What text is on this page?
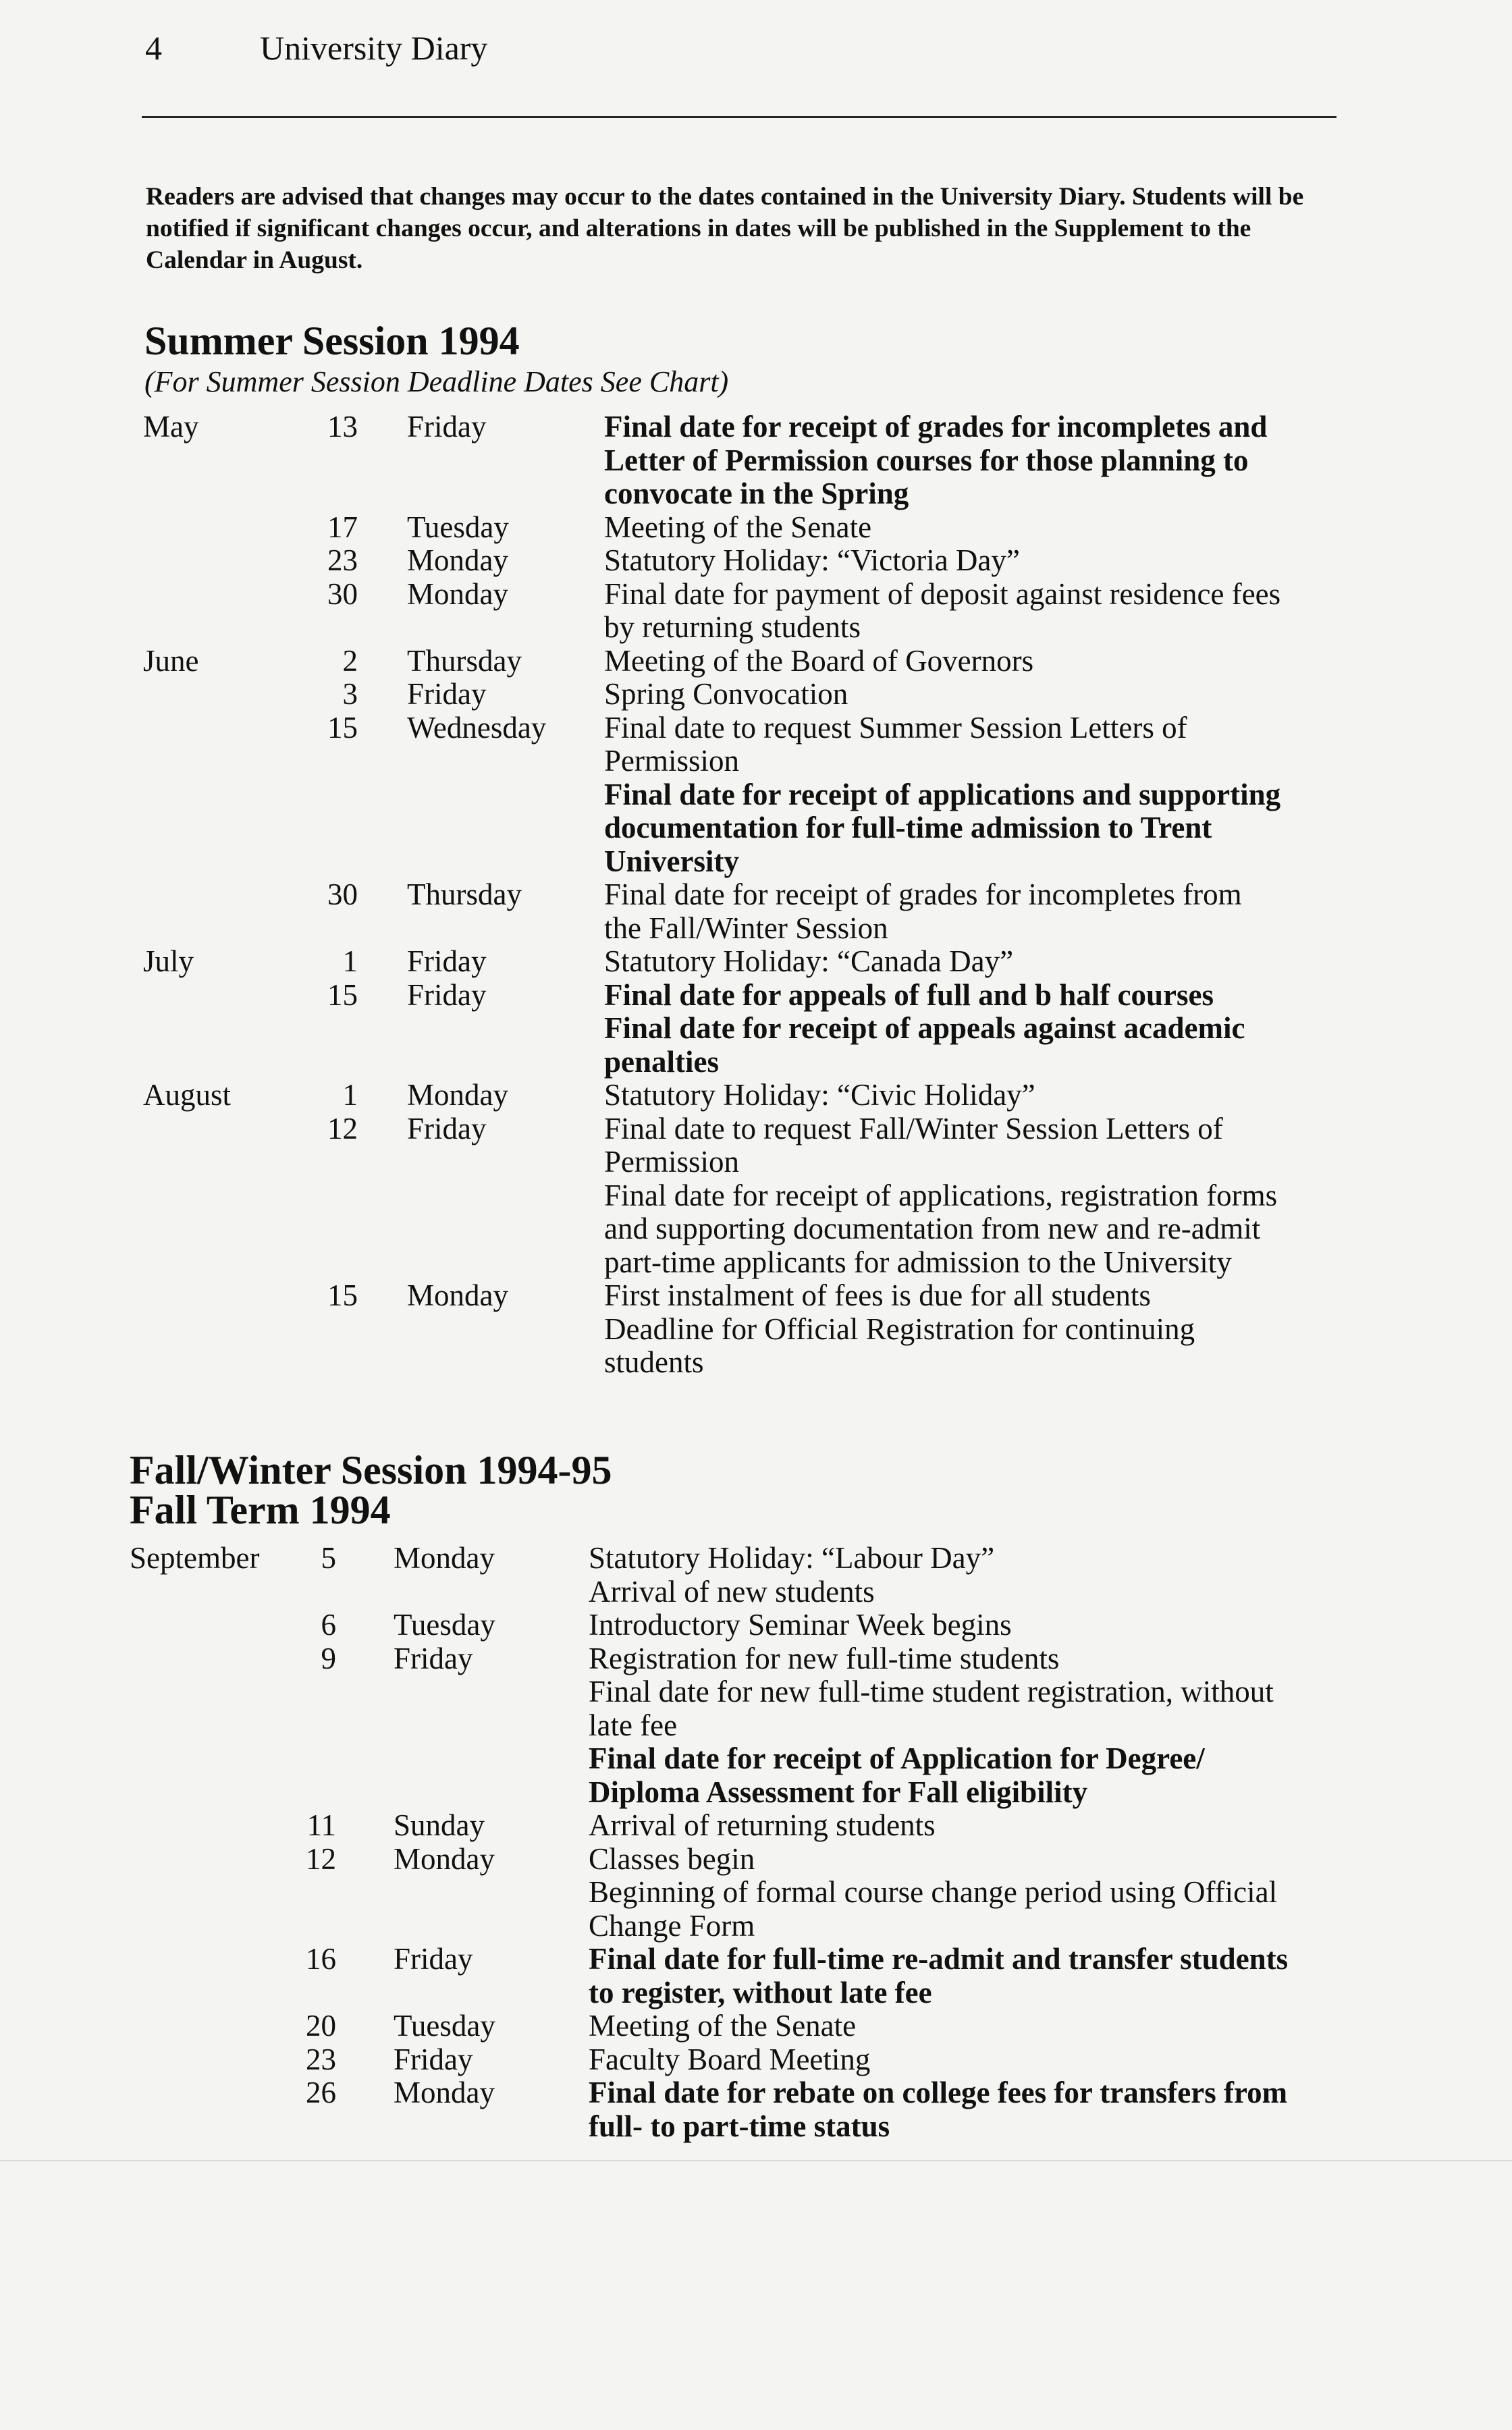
4	University Diary
Readers are advised that changes may occur to the dates contained in the University Diary. Students will be notified if significant changes occur, and alterations in dates will be published in the Supplement to the Calendar in August.
Summer Session 1994
(For Summer Session Deadline Dates See Chart)
May	13 Friday	Final date for receipt of grades for incompletes and Letter of Permission courses for those planning to convocate in the Spring
17 Tuesday	Meeting of the Senate
23 Monday	Statutory Holiday: “Victoria Day”
30 Monday	Final date for payment of deposit against residence fees by returning students
June	2 Thursday	Meeting of the Board of Governors
3 Friday	Spring Convocation
15 Wednesday Final date to request Summer Session Letters of Permission
Final date for receipt of applications and supporting documentation for full-time admission to Trent University
30 Thursday	Final date for receipt of grades for incompletes from the Fall/Winter Session
July	1 Friday	Statutory Holiday: “Canada Day”
15 Friday	Final date for appeals of full and b half courses
Final date for receipt of appeals against academic penalties
August	1 Monday	Statutory Holiday: “Civic Holiday”
12 Friday	Final date to request Fall/Winter Session Letters of Permission
Final date for receipt of applications, registration forms and supporting documentation from new and re-admit part-time applicants for admission to the University
15 Monday	First instalment of fees is due for all students
Deadline for Official Registration for continuing students
Fall/Winter Session 1994-95
Fall Term 1994
September	5 Monday	Statutory Holiday: “Labour Day”
Arrival of new students
6 Tuesday	Introductory Seminar Week begins
9 Friday	Registration for new full-time students
Final date for new full-time student registration, without late fee
Final date for receipt of Application for Degree/ Diploma Assessment for Fall eligibility
11 Sunday	Arrival of returning students
12 Monday	Classes begin
Beginning of formal course change period using Official Change Form
16 Friday	Final date for full-time re-admit and transfer students to register, without late fee
20 Tuesday	Meeting of the Senate
23 Friday	Faculty Board Meeting
26 Monday	Final date for rebate on college fees for transfers from full- to part-time status
